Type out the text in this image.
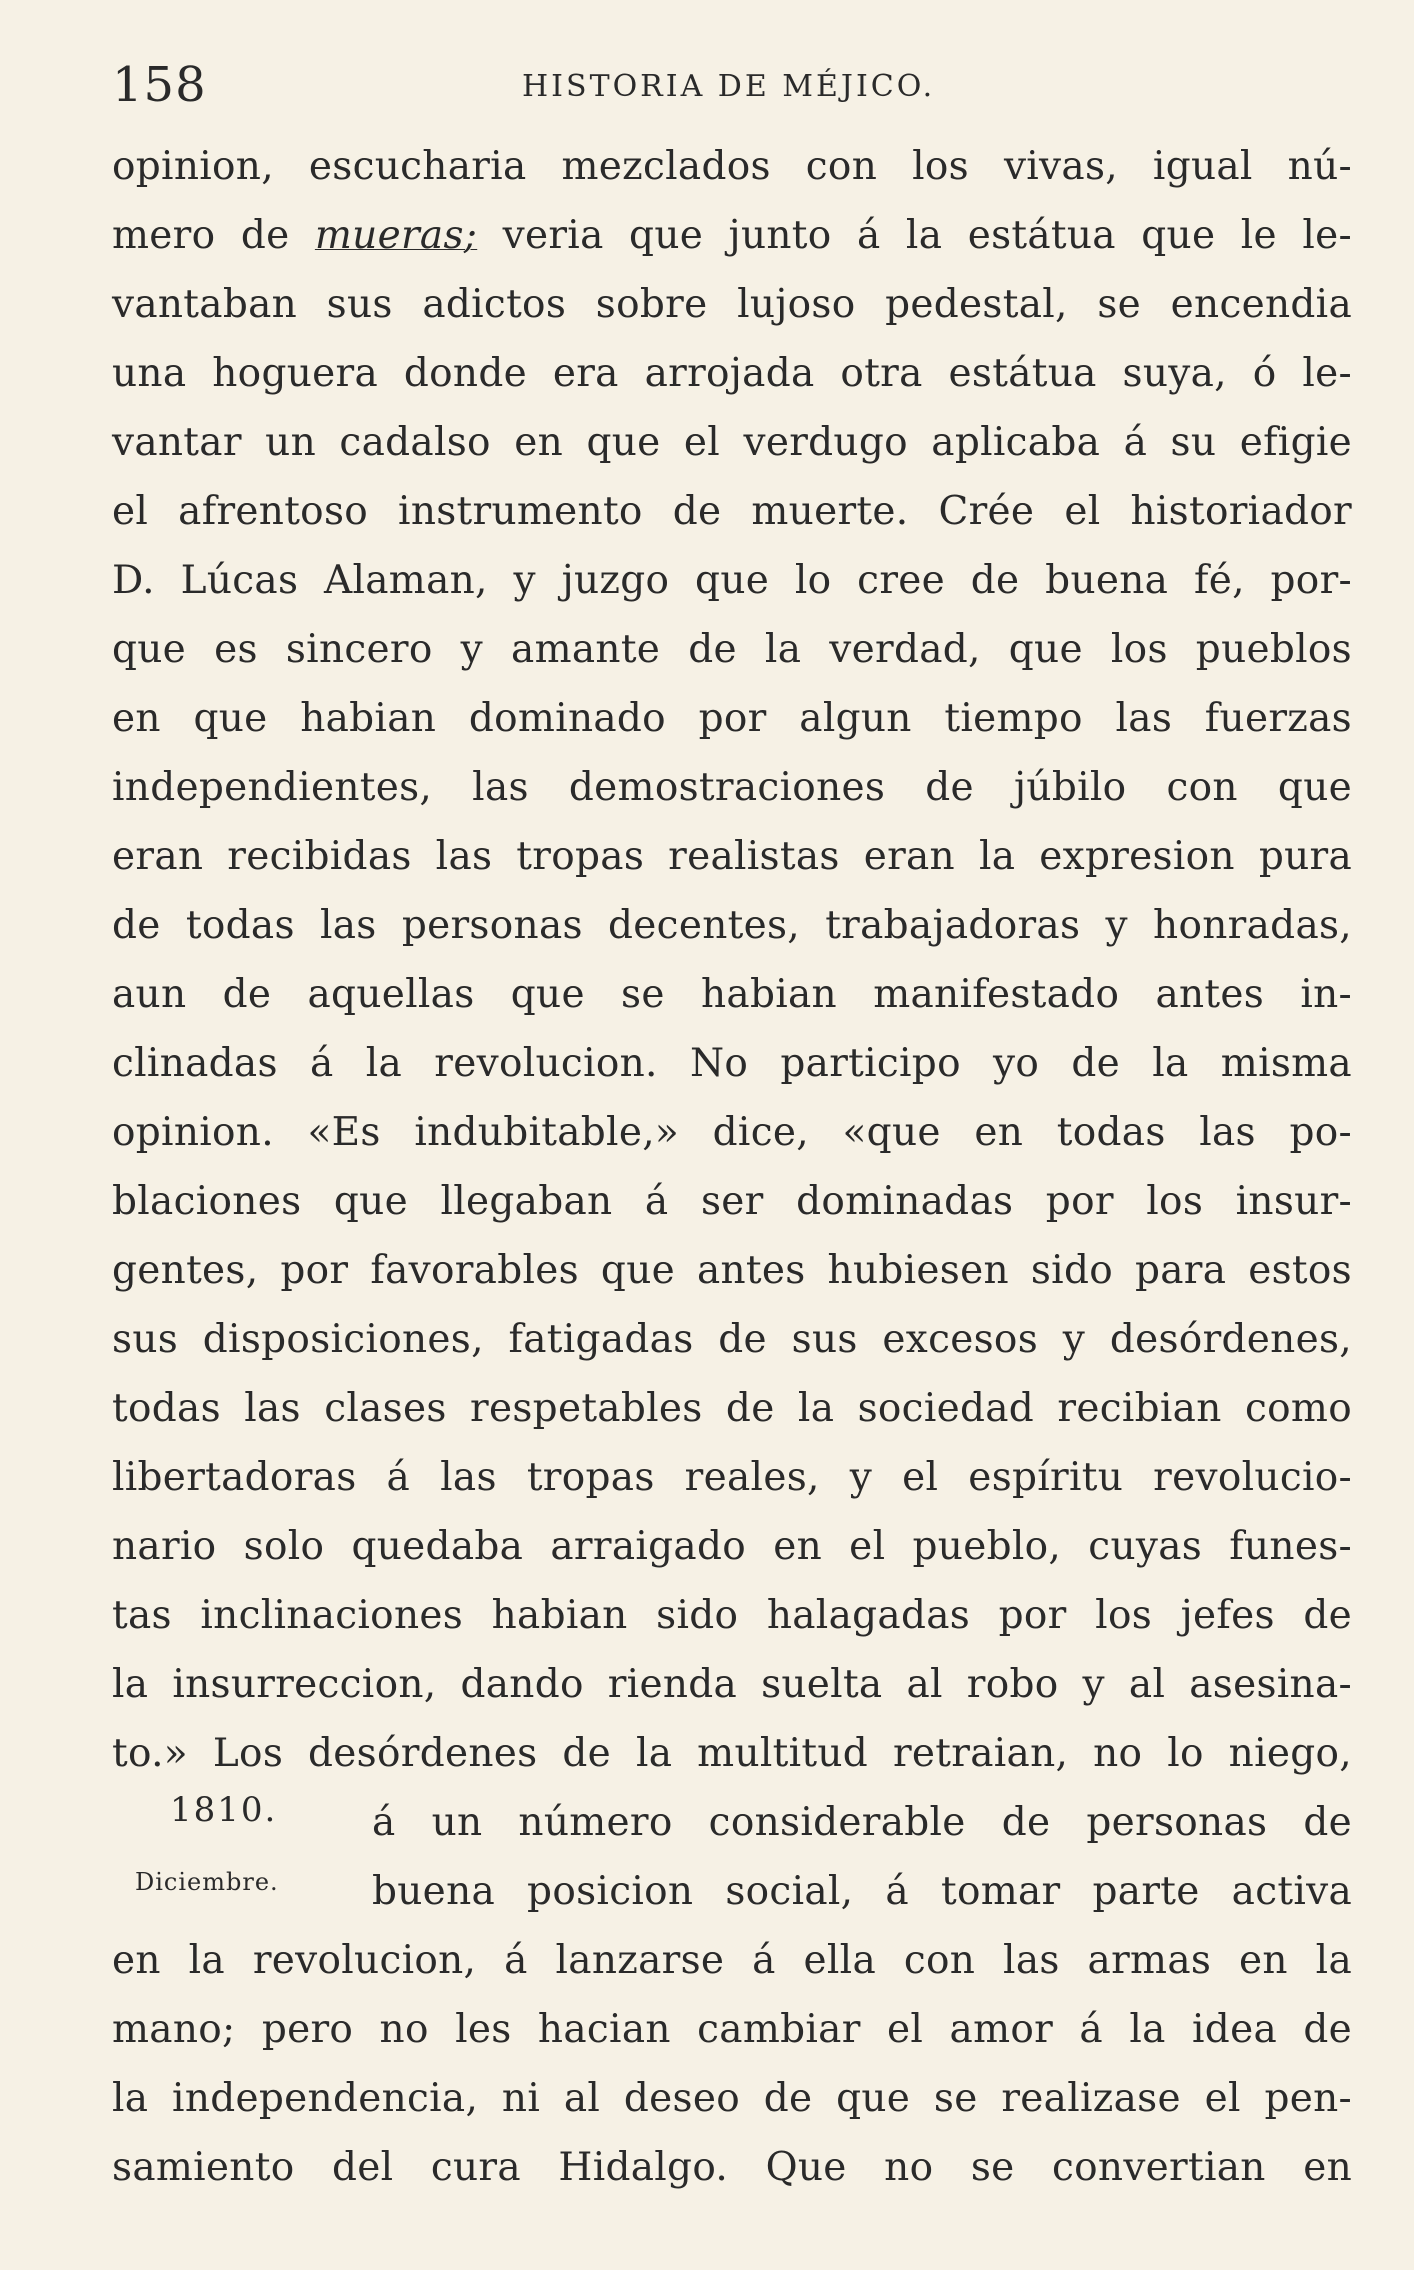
158	HISTORIA DE MÉJICO.
1810.
Diciembre.
opinion, escucharia mezclados con los vivas, igual nú-
mero de mueras; veria que junto á la estátua que le le-
vantaban sus adictos sobre lujoso pedestal, se encendia
una hoguera donde era arrojada otra estátua suya, ó le-
vantar un cadalso en que el verdugo aplicaba á su efigie
el afrentoso instrumento de muerte. Crée el historiador
D. Lúcas Alaman, y juzgo que lo cree de buena fé, por-
que es sincero y amante de la verdad, que los pueblos
en que habian dominado por algun tiempo las fuerzas
independientes, las demostraciones de júbilo con que
eran recibidas las tropas realistas eran la expresion pura
de todas las personas decentes, trabajadoras y honradas,
aun de aquellas que se habian manifestado antes in-
clinadas á la revolucion. No participo yo de la misma
opinion. «Es indubitable,» dice, «que en todas las po-
blaciones que llegaban á ser dominadas por los insur-
gentes, por favorables que antes hubiesen sido para estos
sus disposiciones, fatigadas de sus excesos y desórdenes,
todas las clases respetables de la sociedad recibian como
libertadoras á las tropas reales, y el espíritu revolucio-
nario solo quedaba arraigado en el pueblo, cuyas funes-
tas inclinaciones habian sido halagadas por los jefes de
la insurreccion, dando rienda suelta al robo y al asesina-
to.» Los desórdenes de la multitud retraian, no lo niego,
á un número considerable de personas de
buena posicion social, á tomar parte activa
en la revolucion, á lanzarse á ella con las armas en la
mano; pero no les hacian cambiar el amor á la idea de
la independencia, ni al deseo de que se realizase el pen-
samiento del cura Hidalgo. Que no se convertian en
